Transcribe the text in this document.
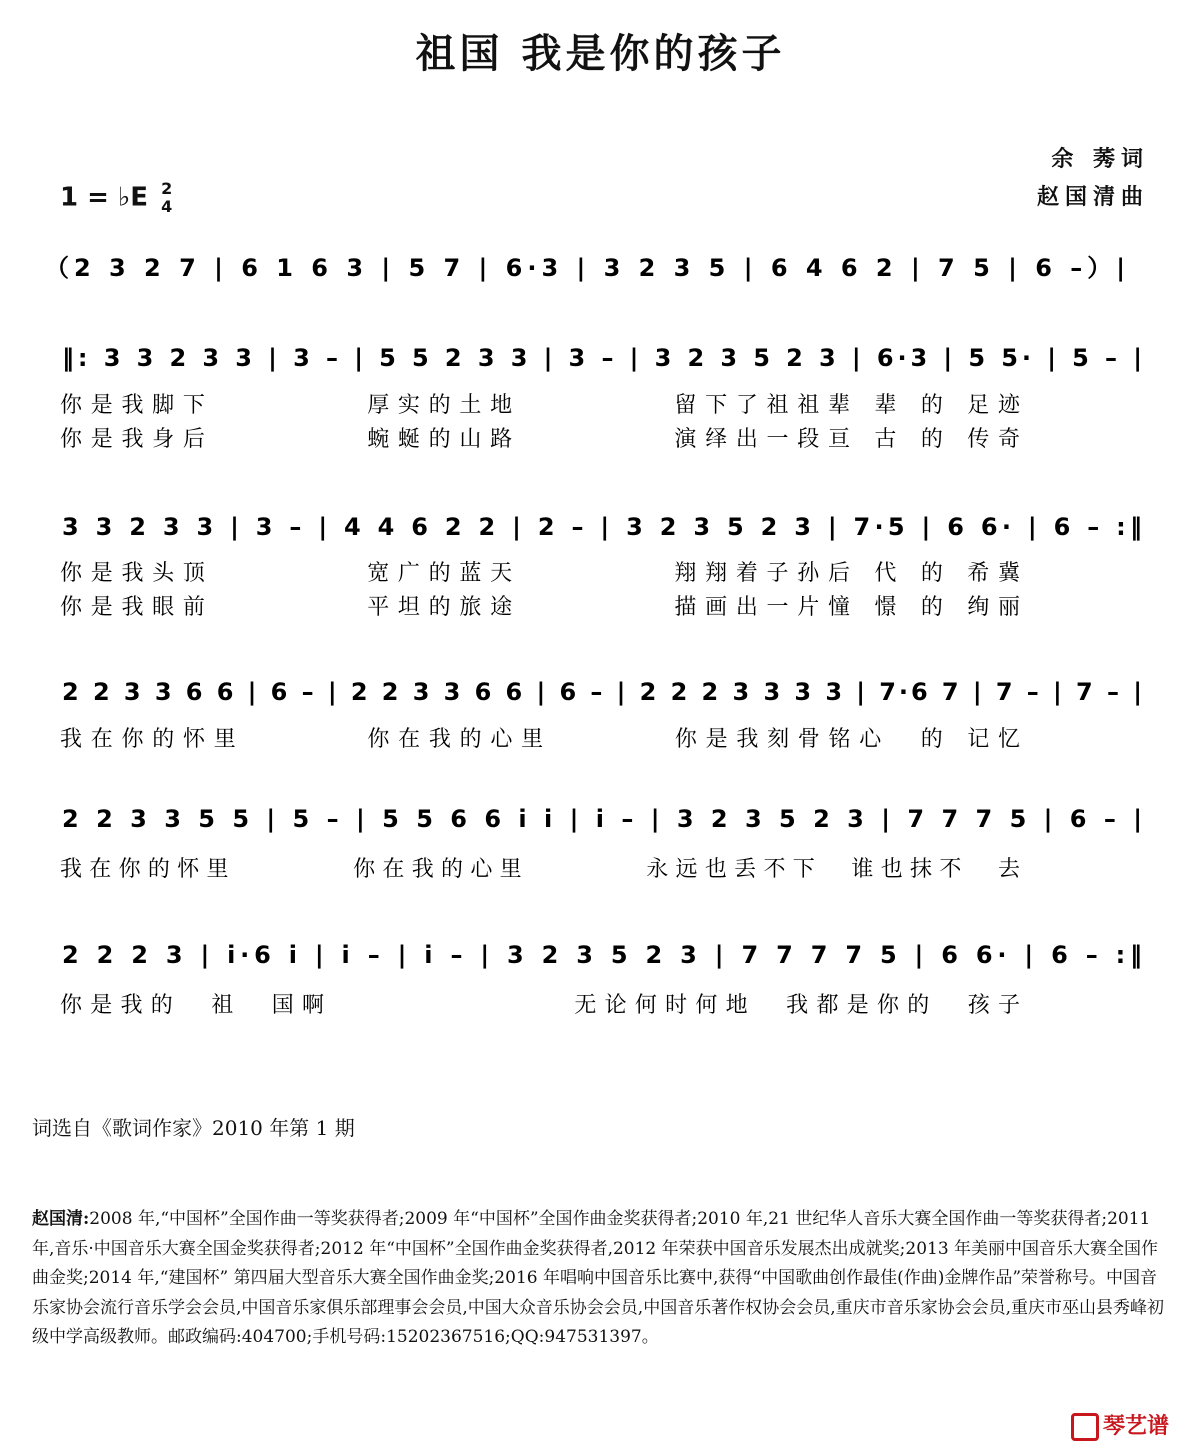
祖国 我是你的孩子
余 莠词
赵国清曲
1 = ♭E 2
4
（2 3 2 7 | 6 1 6 3 | 5 7 | 6·3 | 3 2 3 5 | 6 4 6 2 | 7 5 | 6 –）|
‖: 3 3 2 3 3 | 3 – | 5 5 2 3 3 | 3 – | 3 2 3 5 2 3 | 6·3 | 5 5· | 5 – |
你是我脚下　　　　　厚实的土地　　　　　留下了祖祖辈 辈 的 足迹
你是我身后　　　　　蜿蜒的山路　　　　　演绎出一段亘 古 的 传奇
3 3 2 3 3 | 3 – | 4 4 6 2 2 | 2 – | 3 2 3 5 2 3 | 7·5 | 6 6· | 6 – :‖
你是我头顶　　　　　宽广的蓝天　　　　　翔翔着子孙后 代 的 希冀
你是我眼前　　　　　平坦的旅途　　　　　描画出一片憧 憬 的 绚丽
2 2 3 3 6 6 | 6 – | 2 2 3 3 6 6 | 6 – | 2 2 2 3 3 3 3 | 7·6 7 | 7 – | 7 – |
我在你的怀里　　　　你在我的心里　　　　你是我刻骨铭心　的 记忆
2 2 3 3 5 5 | 5 – | 5 5 6 6 i i | i – | 3 2 3 5 2 3 | 7 7 7 5 | 6 – |
我在你的怀里　　　　你在我的心里　　　　永远也丢不下　谁也抹不　去
2 2 2 3 | i·6 i | i – | i – | 3 2 3 5 2 3 | 7 7 7 7 5 | 6 6· | 6 – :‖
你是我的　祖　国啊　　　　　　　　无论何时何地　我都是你的　孩子
词选自《歌词作家》2010 年第 1 期
赵国清:2008 年,“中国杯”全国作曲一等奖获得者;2009 年“中国杯”全国作曲金奖获得者;2010 年,21 世纪华人音乐大赛全国作曲一等奖获得者;2011 年,音乐·中国音乐大赛全国金奖获得者;2012 年“中国杯”全国作曲金奖获得者,2012 年荣获中国音乐发展杰出成就奖;2013 年美丽中国音乐大赛全国作曲金奖;2014 年,“建国杯” 第四届大型音乐大赛全国作曲金奖;2016 年唱响中国音乐比赛中,获得“中国歌曲创作最佳(作曲)金牌作品”荣誉称号。中国音乐家协会流行音乐学会会员,中国音乐家俱乐部理事会会员,中国大众音乐协会会员,中国音乐著作权协会会员,重庆市音乐家协会会员,重庆市巫山县秀峰初级中学高级教师。邮政编码:404700;手机号码:15202367516;QQ:947531397。
琴艺谱
